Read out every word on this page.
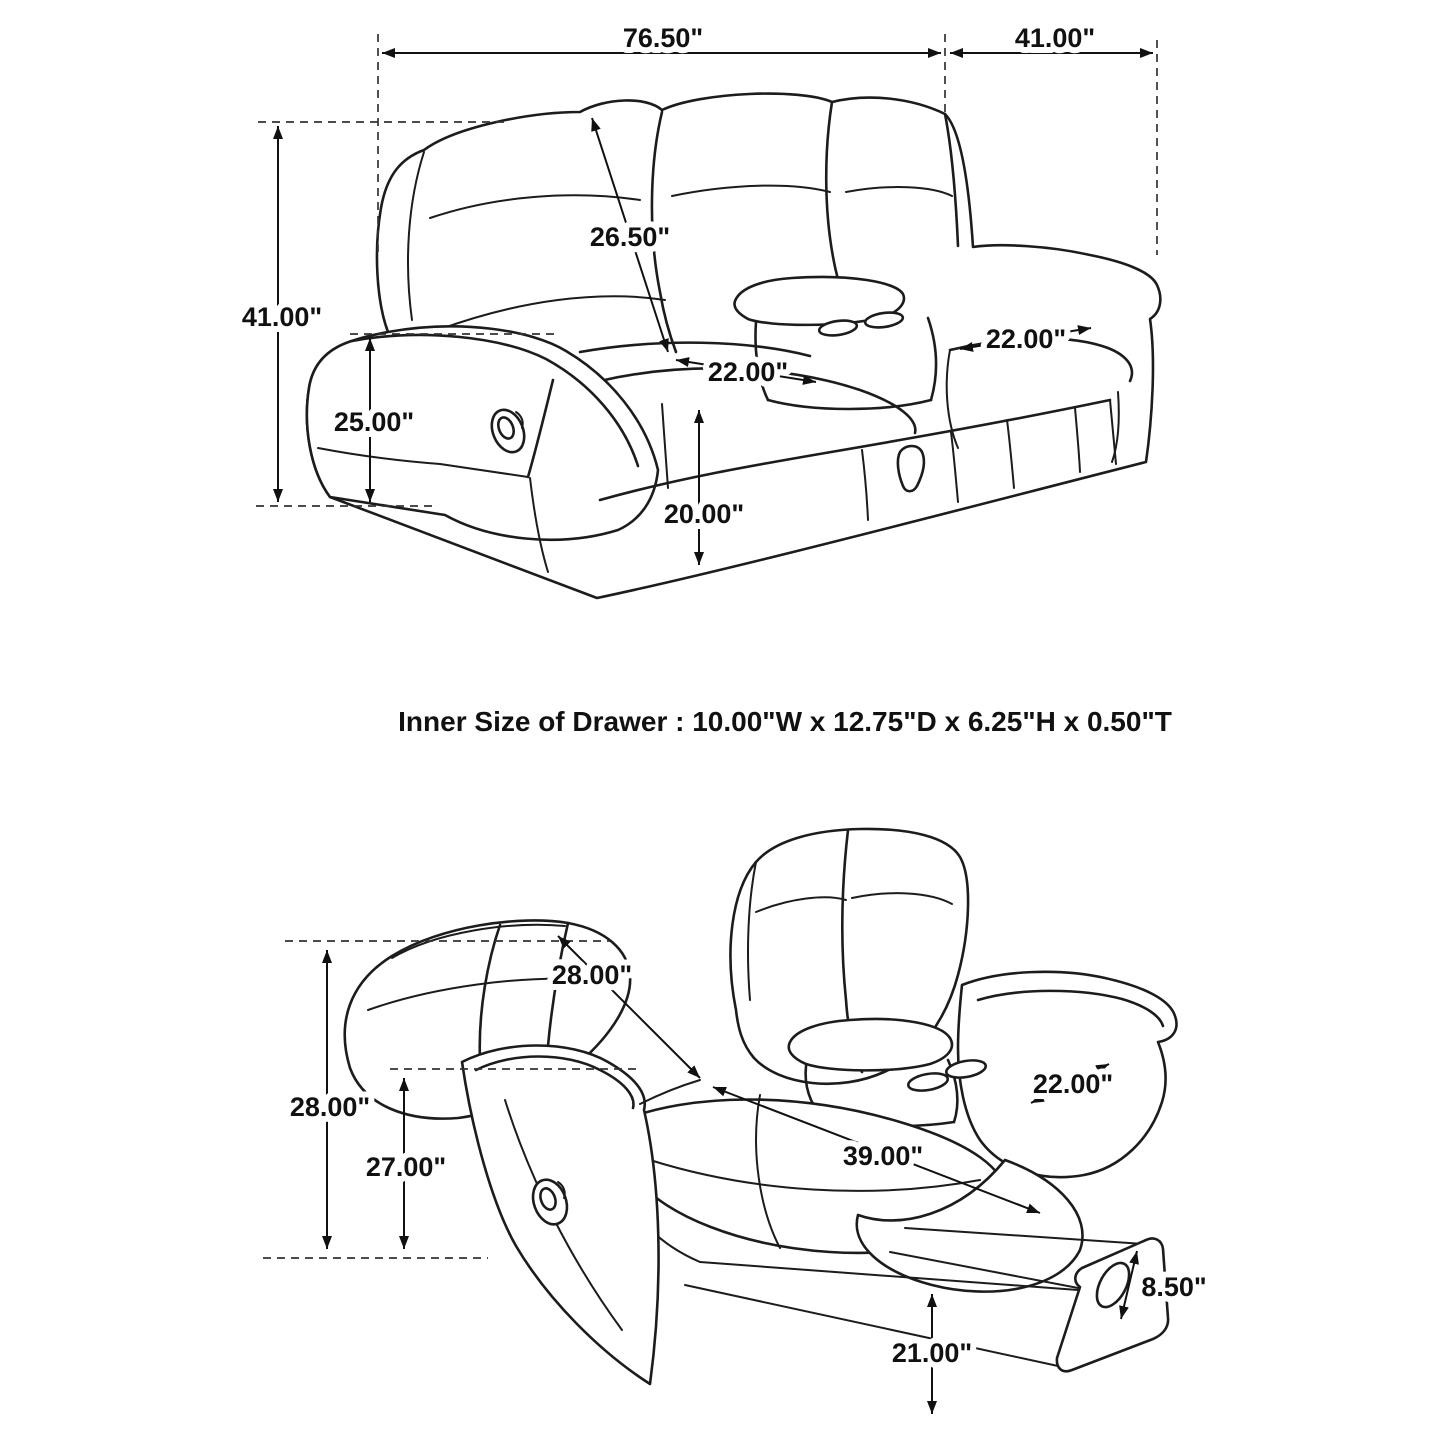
76.50"	41.00"
41.00"
25.00"
26.50"
22.00"
22.00"
20.00"
Inner Size of Drawer : 10.00"W x 12.75"D x 6.25"H x 0.50"T
28.00"
27.00"
28.00"
39.00"
22.00"
21.00"
8.50"
